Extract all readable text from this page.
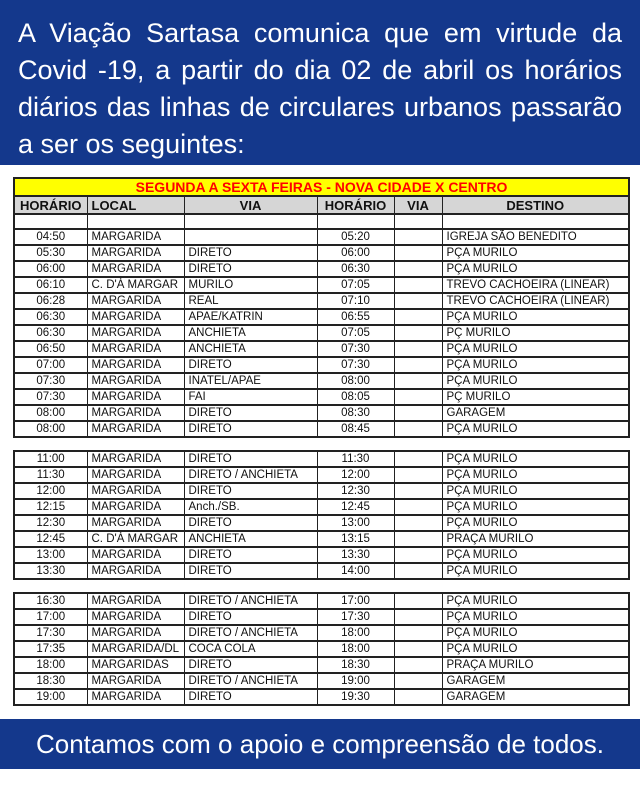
A Viação Sartasa comunica que em virtude da
Covid -19, a partir do dia 02 de abril os horários
diários das linhas de circulares urbanos passarão
a ser os seguintes:
SEGUNDA A SEXTA FEIRAS - NOVA CIDADE X CENTRO					
HORÁRIO	LOCAL	VIA	HORÁRIO	VIA	DESTINO

04:50	MARGARIDA		05:20		IGREJA SÃO BENEDITO
05:30	MARGARIDA	DIRETO	06:00		PÇA MURILO
06:00	MARGARIDA	DIRETO	06:30		PÇA MURILO
06:10	C. D'Á MARGAR	MURILO	07:05		TREVO CACHOEIRA (LINEAR)
06:28	MARGARIDA	REAL	07:10		TREVO CACHOEIRA (LINEAR)
06:30	MARGARIDA	APAE/KATRIN	06:55		PÇA MURILO
06:30	MARGARIDA	ANCHIETA	07:05		PÇ MURILO
06:50	MARGARIDA	ANCHIETA	07:30		PÇA MURILO
07:00	MARGARIDA	DIRETO	07:30		PÇA MURILO
07:30	MARGARIDA	INATEL/APAE	08:00		PÇA MURILO
07:30	MARGARIDA	FAI	08:05		PÇ MURILO
08:00	MARGARIDA	DIRETO	08:30		GARAGEM
08:00	MARGARIDA	DIRETO	08:45		PÇA MURILO
11:00	MARGARIDA	DIRETO	11:30		PÇA MURILO
11:30	MARGARIDA	DIRETO / ANCHIETA	12:00		PÇA MURILO
12:00	MARGARIDA	DIRETO	12:30		PÇA MURILO
12:15	MARGARIDA	Anch./SB.	12:45		PÇA MURILO
12:30	MARGARIDA	DIRETO	13:00		PÇA MURILO
12:45	C. D'Á MARGAR	ANCHIETA	13:15		PRAÇA MURILO
13:00	MARGARIDA	DIRETO	13:30		PÇA MURILO
13:30	MARGARIDA	DIRETO	14:00		PÇA MURILO
16:30	MARGARIDA	DIRETO / ANCHIETA	17:00		PÇA MURILO
17:00	MARGARIDA	DIRETO	17:30		PÇA MURILO
17:30	MARGARIDA	DIRETO / ANCHIETA	18:00		PÇA MURILO
17:35	MARGARIDA/DL	COCA COLA	18:00		PÇA MURILO
18:00	MARGARIDAS	DIRETO	18:30		PRAÇA MURILO
18:30	MARGARIDA	DIRETO / ANCHIETA	19:00		GARAGEM
19:00	MARGARIDA	DIRETO	19:30		GARAGEM
Contamos com o apoio e compreensão de todos.
